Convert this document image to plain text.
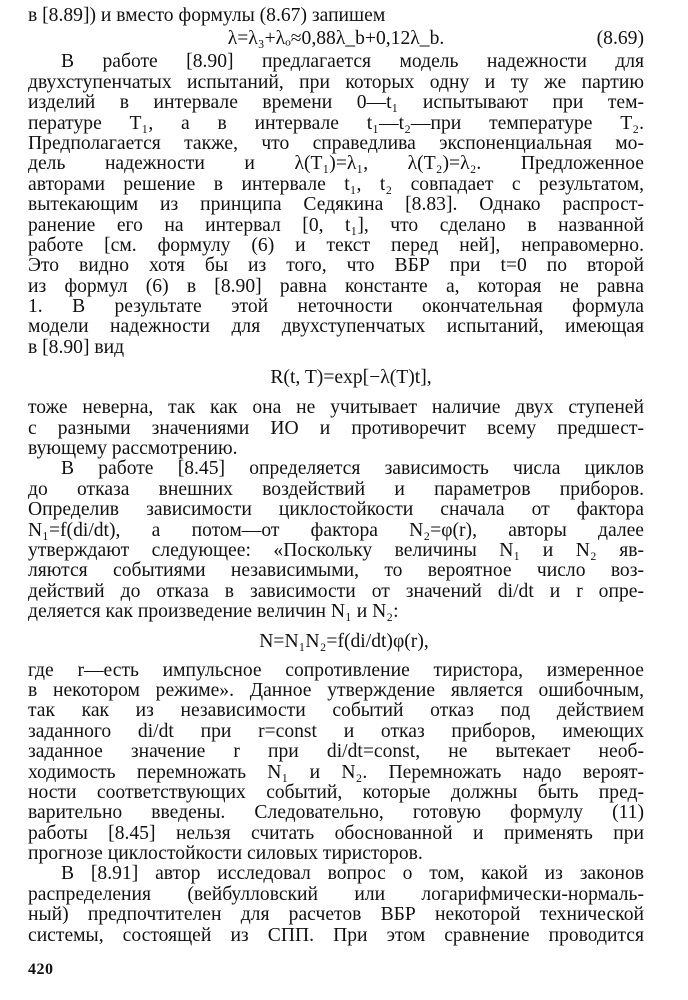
в [8.89]) и вместо формулы (8.67) запишем
λ=λ₃+λₒ≈0,88λ_b+0,12λ_b.	(8.69)
В работе [8.90] предлагается модель надежности для
двухступенчатых испытаний, при которых одну и ту же партию
изделий в интервале времени 0—t₁ испытывают при тем-
пературе T₁, а в интервале t₁—t₂—при температуре T₂.
Предполагается также, что справедлива экспоненциальная мо-
дель надежности и λ(T₁)=λ₁, λ(T₂)=λ₂. Предложенное
авторами решение в интервале t₁, t₂ совпадает с результатом,
вытекающим из принципа Седякина [8.83]. Однако распрост-
ранение его на интервал [0, t₁], что сделано в названной
работе [см. формулу (6) и текст перед ней], неправомерно.
Это видно хотя бы из того, что ВБР при t=0 по второй
из формул (6) в [8.90] равна константе a, которая не равна
1. В результате этой неточности окончательная формула
модели надежности для двухступенчатых испытаний, имеющая
в [8.90] вид
R(t, T)=exp[−λ(T)t],
тоже неверна, так как она не учитывает наличие двух ступеней
с разными значениями ИО и противоречит всему предшест-
вующему рассмотрению.
В работе [8.45] определяется зависимость числа циклов
до отказа внешних воздействий и параметров приборов.
Определив зависимости циклостойкости сначала от фактора
N₁=f(di/dt), а потом—от фактора N₂=φ(r), авторы далее
утверждают следующее: «Поскольку величины N₁ и N₂ яв-
ляются событиями независимыми, то вероятное число воз-
действий до отказа в зависимости от значений di/dt и r опре-
деляется как произведение величин N₁ и N₂:
N=N₁N₂=f(di/dt)φ(r),
где r—есть импульсное сопротивление тиристора, измеренное
в некотором режиме». Данное утверждение является ошибочным,
так как из независимости событий отказ под действием
заданного di/dt при r=const и отказ приборов, имеющих
заданное значение r при di/dt=const, не вытекает необ-
ходимость перемножать N₁ и N₂. Перемножать надо вероят-
ности соответствующих событий, которые должны быть пред-
варительно введены. Следовательно, готовую формулу (11)
работы [8.45] нельзя считать обоснованной и применять при
прогнозе циклостойкости силовых тиристоров.
В [8.91] автор исследовал вопрос о том, какой из законов
распределения (вейбулловский или логарифмически-нормаль-
ный) предпочтителен для расчетов ВБР некоторой технической
системы, состоящей из СПП. При этом сравнение проводится
420
